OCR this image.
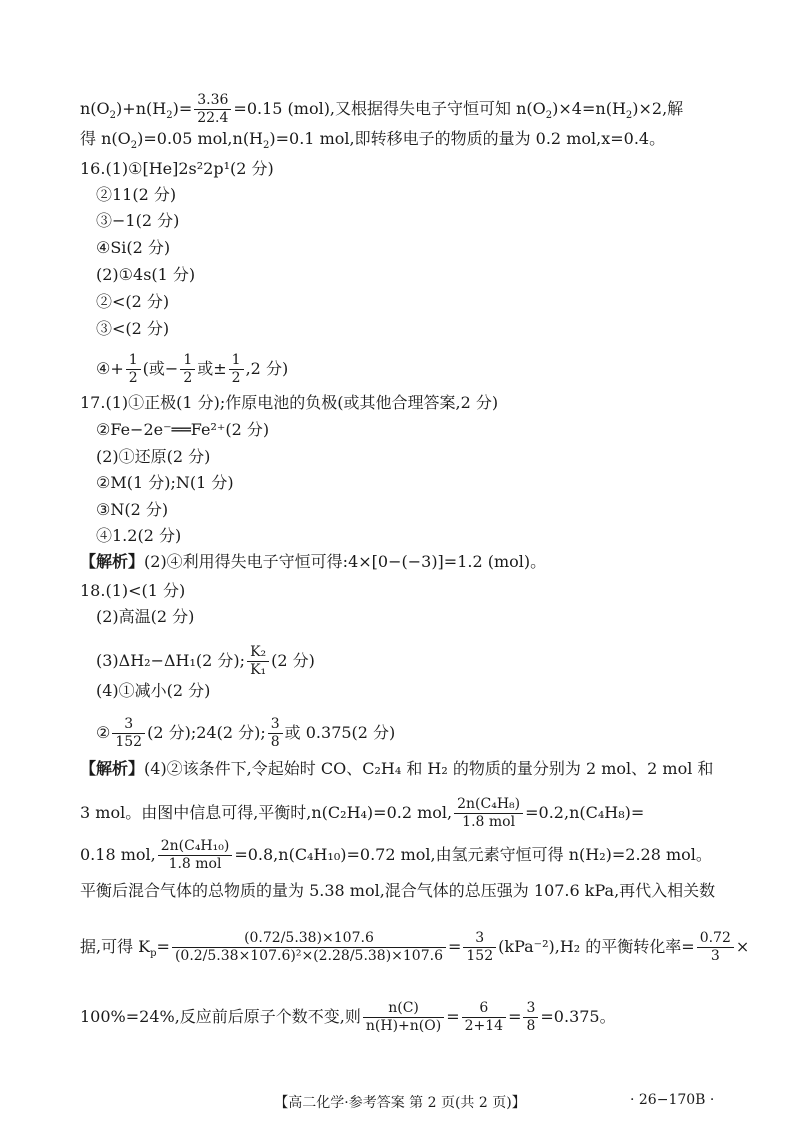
$n(O_2)+n(H_2)= \frac{3.36}{22.4} =0.15$ (mol),又根据得失电子守恒可知 $n(O_2)\times 4=n(H_2)\times 2$,解
得 $n(O_2)=0.05$ $mol,n(H_2)=0.1$ mol,即转移电子的物质的量为 0.2 mol,x=0.4。
16.(1)①[He]2s²2p¹(2 分)
②11(2 分)
③−1(2 分)
④Si(2 分)
(2)①4s(1 分)
②<(2 分)
③<(2 分)
④+ $\frac{1}{2}$ (或− $\frac{1}{2}$ 或± $\frac{1}{2} ,2$ 分)
17.(1)①正极(1 分);作原电池的负极(或其他合理答案,2 分)
②Fe−2e⁻══Fe²⁺(2 分)
(2)①还原(2 分)
②M(1 分);N(1 分)
③N(2 分)
④1.2(2 分)
【解析】(2)④利用得失电子守恒可得:4×[0−(−3)]=1.2 (mol)。
18.(1)<(1 分)
(2)高温(2 分)
(3)ΔH₂−ΔH₁(2 分); $\frac{\text{K₂}}{\text{K₁}} (2$ 分)
(4)①减小(2 分)
② $\frac{3}{152} (2$ 分);24(2 分); $\frac{3}{8}$ 或 0.375(2 分)
【解析】(4)②该条件下,令起始时 CO、C₂H₄ 和 H₂ 的物质的量分别为 2 mol、2 mol 和
3 mol。由图中信息可得,平衡时,n(C₂H₄)=0.2 mol, $\frac{\text{2n(C₄H₈)}}{\text{1.8 mol}} =0.2,n(C_4H_8)=$
0.18 mol, $\frac{\text{2n(C₄H₁₀)}}{\text{1.8 mol}} =0.8,n(C_4H_{10})=0.72$ mol,由氢元素守恒可得 n(H₂)=2.28 mol。
平衡后混合气体的总物质的量为 5.38 mol,混合气体的总压强为 107.6 kPa,再代入相关数
据,可得 $K_p= \frac{(0.72/5.38)\times 107.6}{\text{(0.2/5.38×107.6)²×(2.28/5.38)×107.6}} = \frac{3}{152} (kPa^{-2}),H_2$ 的平衡转化率= $\frac{0.72}{3}$ ×
100%=24%,反应前后原子个数不变,则 $\frac{n(C)}{n(H)+n(O)} = \frac{6}{2+14} = \frac{3}{8} =0.375$。
【高二化学·参考答案 第 2 页(共 2 页)】	· 26−170B ·
